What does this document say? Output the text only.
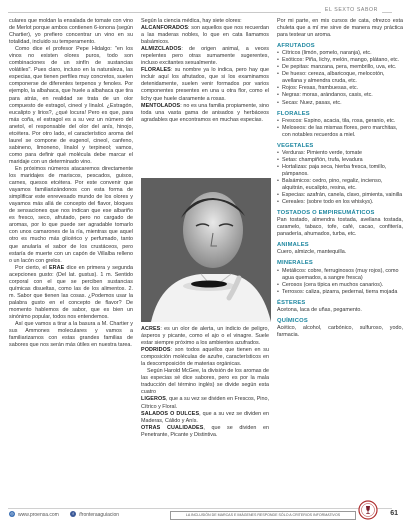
EL SEXTO SABOR

culares que moldan la ensalada de tomate con vino de Merlot porque ambos contienen 6-ionona (según Chartier), yo prefiero concentrar un vino en su totalidad, incluido su temperamento.

Como dice el profesor Pepe Hidalgo: "en los vinos no existen olores puros, todo son combinaciones de un sinfín de sustancias volátiles". Pues claro, incluso en la naturaleza, las especias, que tienen perfiles muy concretos, suelen componerse de diferentes terpenos y fenoles. Por ejemplo, la albahaca, que huele a albahaca que tira para atrás, en realidad se trata de un olor compuesto de estragol, cineol y linalol. ¿Estragón, eucalipto y lirios?, ¿qué locura! Pero es que, para más coña, el estragol es a su vez un número del anetol, el responsable del olor del anís, hinojo, etcétera. Por otro lado, el característico aroma del laurel se compone de eugenol, cineol, canfeno, sabineno, limoneno, linalol y terpineol; vamos, como para definir qué molécula debe marcar el maridaje con un determinado vino.

En próximos números atacaremos directamente los maridajes de mariscos, pescados, guisos, carnes, quesos etcétera. Por este convenir que vayamos familiarizándonos con esta forma de simplificar este enrevesado mundo de los olores y vayamos más allá de concepto del flavor, bloques de sensaciones que nos indican que ese albariño es fresco, seco, afrutado, pero no cargado de aromas, por lo que puede ser agradable tomarlo con unos camarones de la ría, mientras que aquel otro es mucho más glicérico y perfumado, tanto que anularía el sabor de los crustáceos, pero estaría de muerte con un capón de Villalba relleno o un lacón con grelos.

Por cierto, el ERAE dice en primera y segunda acepciones gusto: (Del lat. gustus). 1 m. Sentido corporal con el que se perciben sustancias químicas disueltas, como las de los alimentos. 2. m. Sabor que tienen las cosas. ¿Podemos usar la palabra gusto en el concepto de flavor? De momento hablemos de sabor, que es bien un sinónimo popular, todos nos entendemos.

Así que vamos a tirar a la basura a M. Chartier y sus Ammones moleculares y vamos a familiarizarnos con estas grandes familias de sabores que nos serán más útiles en nuestra tarea.

Según la ciencia médica, hay siete olores:

ALCANFORADOS: son aquellos que nos recuerdan a las maderas nobles, lo que en cata llamamos balsámicos.

ALMIZCLADOS: de origen animal, a veces repelentes pero otras sumamente sugerentes, incluso excitantes sexualmente.

FLORALES: su nombre ya lo indica, pero hay que incluir aquí los afrutados, que si los examinamos detenidamente, suelen venir formados por varios componentes presentes en una u otra flor, como el lichy que huele claramente a rosas.

MENTOLADOS: no es una familia propiamente, sino toda una vasta gama de anisados y herbáceos agradables que encontramos en muchas especias.

ACRES: es un olor de alerta, un indicio de peligro, ásperos y picante, como el ajo o el vinagre. Suele estar siempre próximo a los ambientes azufrados.

PODRIDOS: son todos aquellos que tienen en su composición moléculas de azufre, característicos en la descomposición de materias orgánicas.

Según Harold McGee, la división de los aromas de las especias sé dice sabores, pero es por la mala traducción del término inglés) se divide según esta cuatro

LIGEROS, que a su vez se dividen en Frescos, Pino, Cítrico y Floral.

SALADOS O DULCES, que a su vez se dividen en Maderas, Cálido y Anís.

OTRAS CUALIDADES, que se dividen en Penetrante, Picante y Distintiva.

Por mi parte, en mis cursos de cata, ofrezco esta chuleta que a mí me sirve de manera muy práctica para testear un aroma.

AFRUTADOS
• Cítricos (limón, pomelo, naranja), etc.
• Exóticos: Piña, lichy, melón, mango, plátano, etc.
• De pepitas: manzana, pera, membrillo, uva, etc.
• De hueso: cereza, albaricoque, melocotón, avellana y almendra cruda, etc.
• Rojos: Fresas, frambuesas, etc.
• Negras: moras, arándanos, casis, etc.
• Secas: Nuez, pasas, etc.
FLORALES
• Frescos: Espino, acacia, tila, rosa, geranio, etc.
• Meloseos: de las mismas flores, pero marchitas, con notables recuerdos a miel.
VEGETALES
• Verduras: Pimiento verde, tomate
• Setas: champiñón, trufa, levadura
• Hortalizas: paja seca, hierba fresca, tomillo, pámpanos.
• Balsámicos: cedro, pino, regaliz, incienso, alquitrán, eucalipto, resina, etc.
• Especias: azafrán, canela, clavo, pimienta, vainilla
• Cereales: (sobre todo en los whiskys).
TOSTADOS O EMPIREUMÁTICOS

Pan tostado, almendra tostada, avellana tostada, caramelo, tabaco, tofe, café, cacao, confitería, panadería, ahumados, turba, etc.

ANIMALES

Cuero, almizcle, mantequilla.

MINERALES
• Metálicos: cobre, ferruginosos (muy rojos), como agua quemados, a sangre fresca)
• Cerosos (cera típica en muchos canarios).
• Terrosos: caliza, pizarra, pedernal, tierra mojada
ÉSTERES

Acetona, laca de uñas, pegamento.

QUÍMICOS

Acético, alcohol, carbónico, sulfuroso, yodo, farmacia.

◎ www.proensa.com	f	/fronteraaguiacion	LA INCLUSIÓN DE MARCAS E IMÁGENES RESPONDE SÓLO A CRITERIOS INFORMATIVOS	61
